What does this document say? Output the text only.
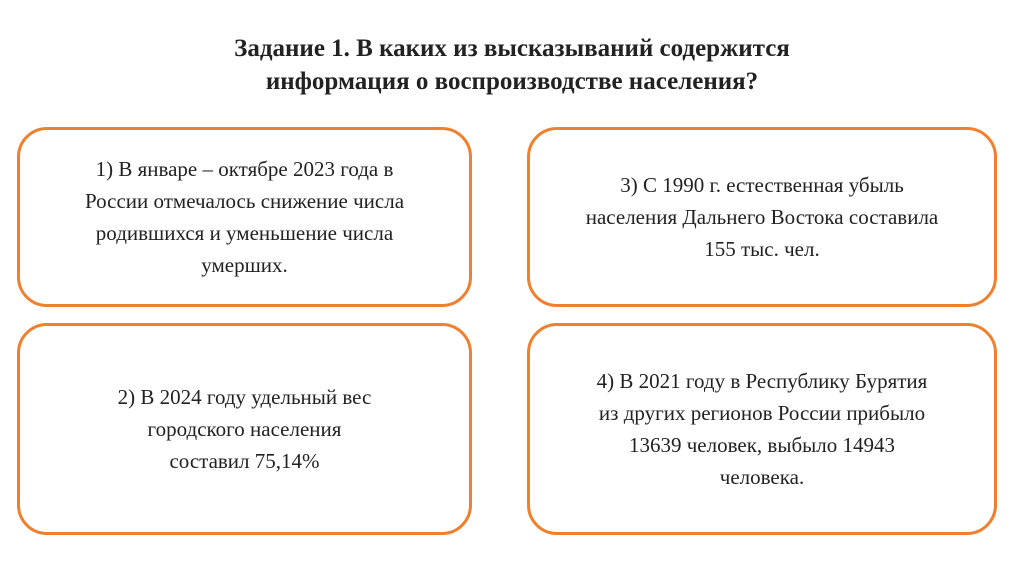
Задание 1. В каких из высказываний содержится
информация о воспроизводстве населения?
1) В январе – октябре 2023 года в
России отмечалось снижение числа
родившихся и уменьшение числа
умерших.
3) С 1990 г. естественная убыль
населения Дальнего Востока составила
155 тыс. чел.
2) В 2024 году удельный вес
городского населения
составил 75,14%
4) В 2021 году в Республику Бурятия
из других регионов России прибыло
13639 человек, выбыло 14943
человека.
